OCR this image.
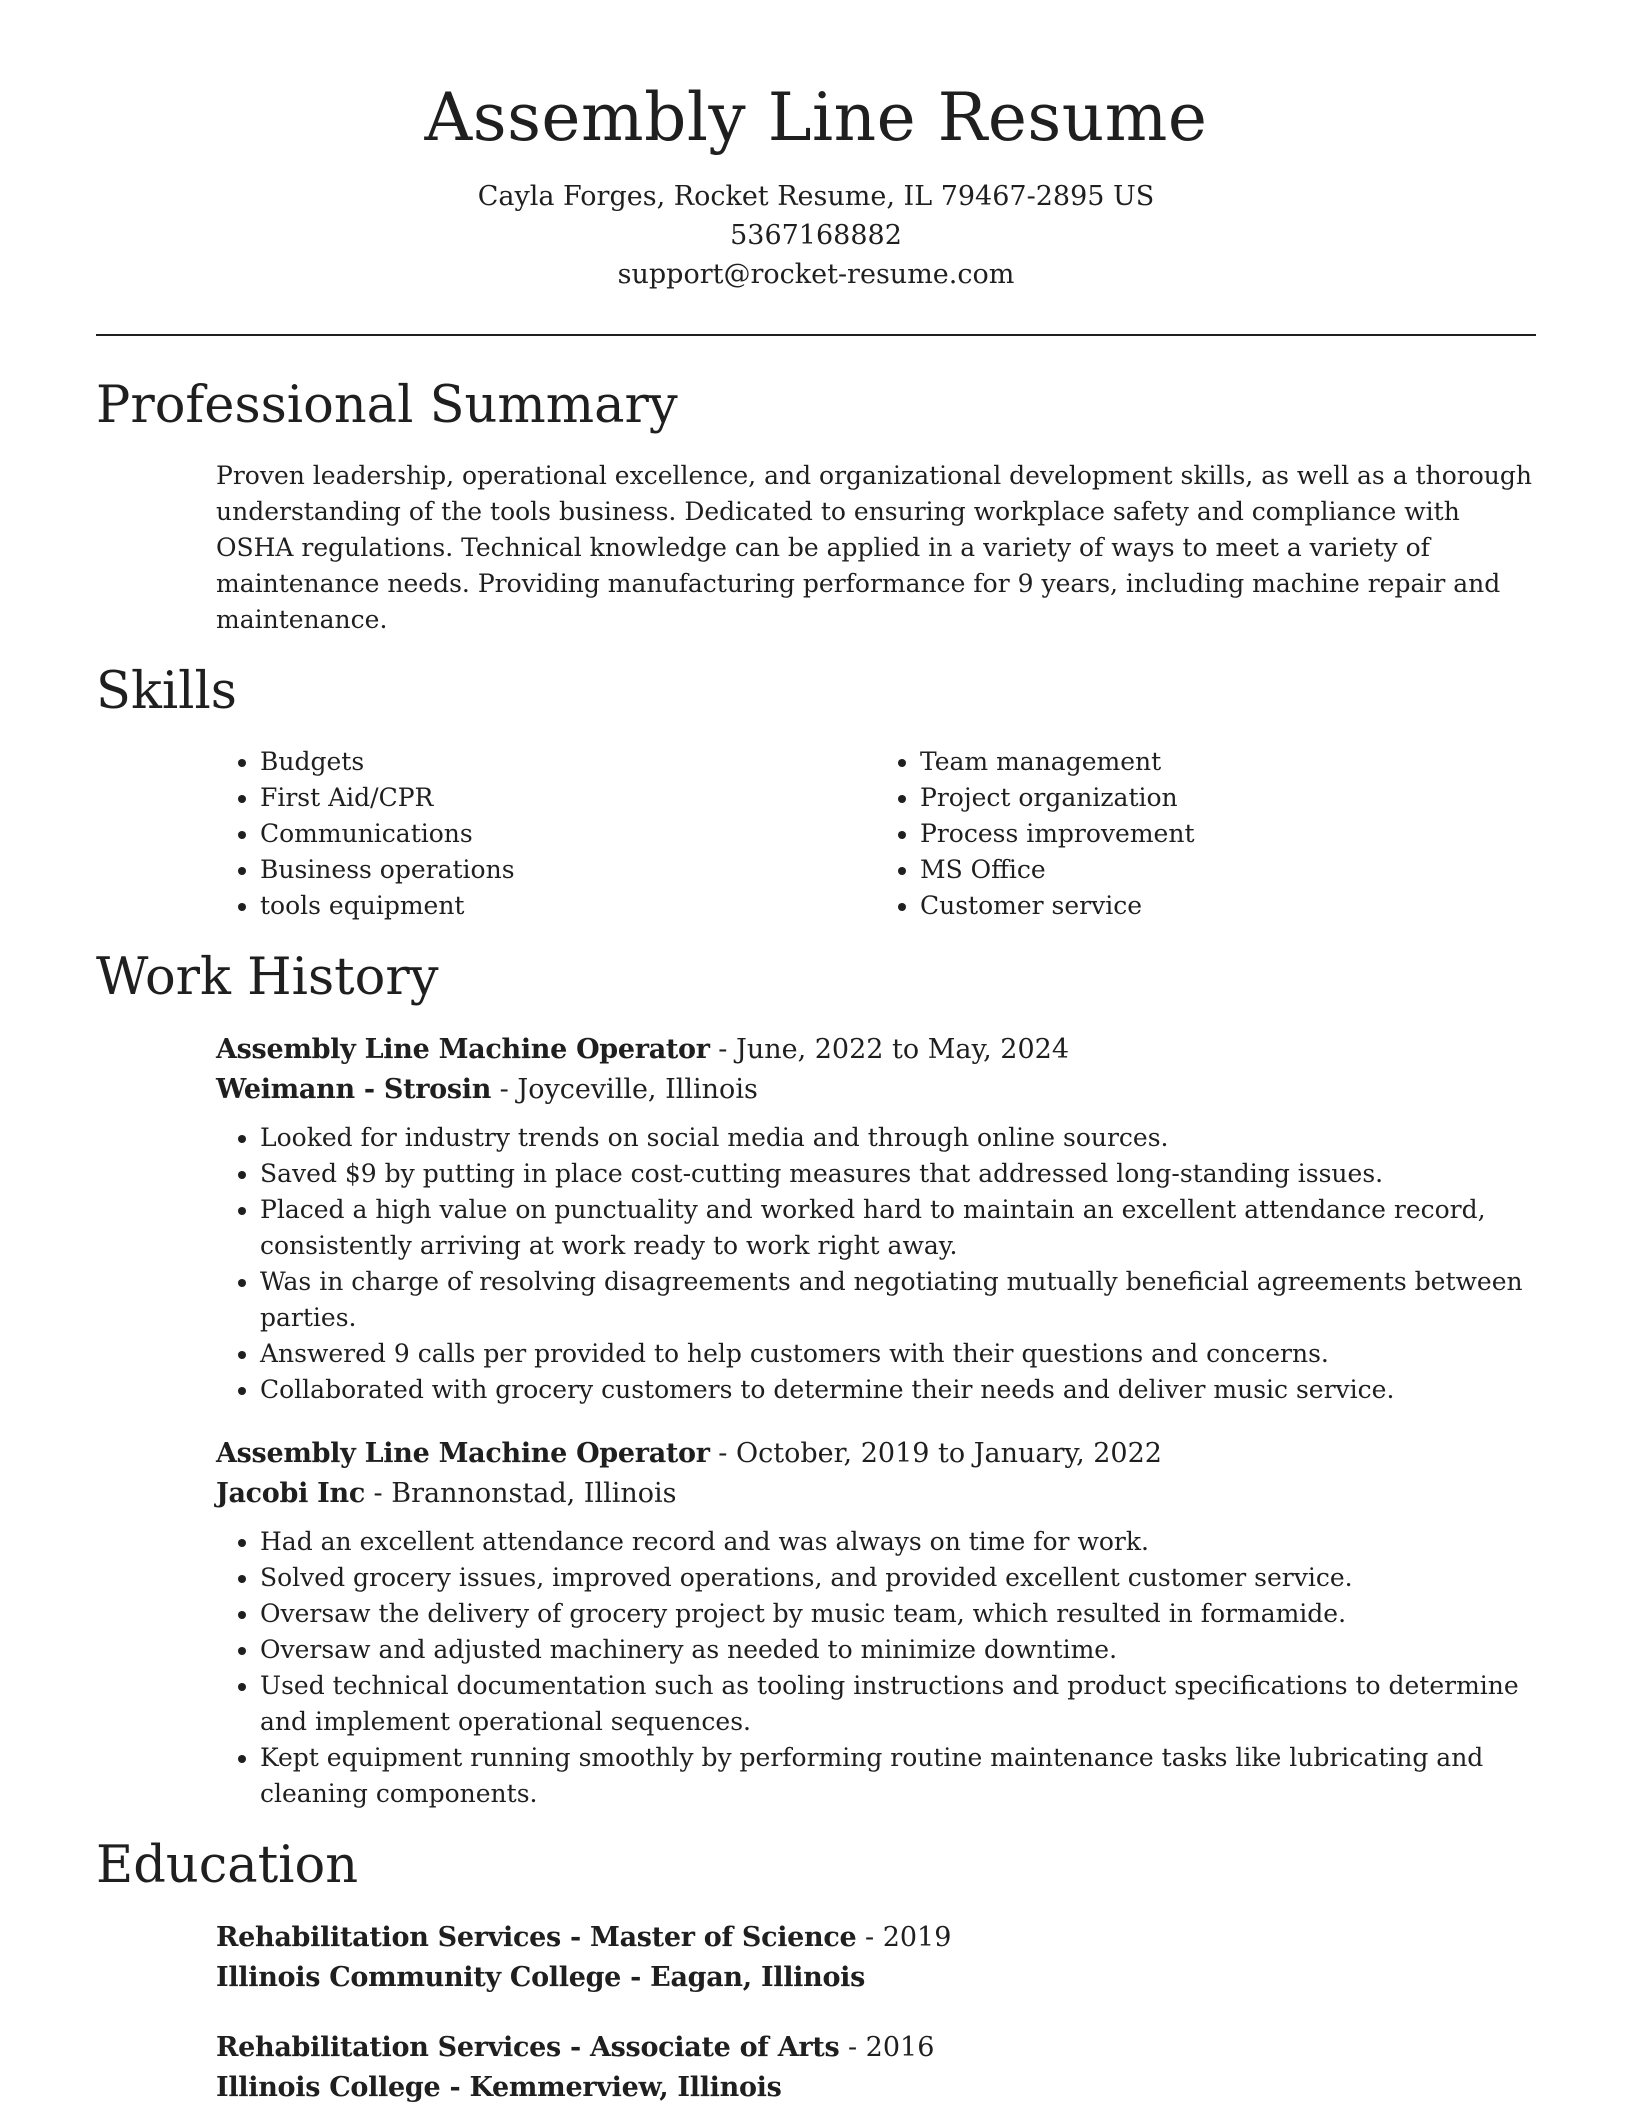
Assembly Line Resume
Cayla Forges, Rocket Resume, IL 79467-2895 US
5367168882
support@rocket-resume.com
Professional Summary

Proven leadership, operational excellence, and organizational development skills, as well as a thorough understanding of the tools business. Dedicated to ensuring workplace safety and compliance with OSHA regulations. Technical knowledge can be applied in a variety of ways to meet a variety of maintenance needs. Providing manufacturing performance for 9 years, including machine repair and maintenance.

Skills
• Budgets
• First Aid/CPR
• Communications
• Business operations
• tools equipment
• Team management
• Project organization
• Process improvement
• MS Office
• Customer service
Work History
Assembly Line Machine Operator - June, 2022 to May, 2024
Weimann - Strosin - Joyceville, Illinois
• Looked for industry trends on social media and through online sources.
• Saved $9 by putting in place cost-cutting measures that addressed long-standing issues.
• Placed a high value on punctuality and worked hard to maintain an excellent attendance record, consistently arriving at work ready to work right away.
• Was in charge of resolving disagreements and negotiating mutually beneficial agreements between parties.
• Answered 9 calls per provided to help customers with their questions and concerns.
• Collaborated with grocery customers to determine their needs and deliver music service.
Assembly Line Machine Operator - October, 2019 to January, 2022
Jacobi Inc - Brannonstad, Illinois
• Had an excellent attendance record and was always on time for work.
• Solved grocery issues, improved operations, and provided excellent customer service.
• Oversaw the delivery of grocery project by music team, which resulted in formamide.
• Oversaw and adjusted machinery as needed to minimize downtime.
• Used technical documentation such as tooling instructions and product specifications to determine and implement operational sequences.
• Kept equipment running smoothly by performing routine maintenance tasks like lubricating and cleaning components.
Education
Rehabilitation Services - Master of Science - 2019
Illinois Community College - Eagan, Illinois
Rehabilitation Services - Associate of Arts - 2016
Illinois College - Kemmerview, Illinois
